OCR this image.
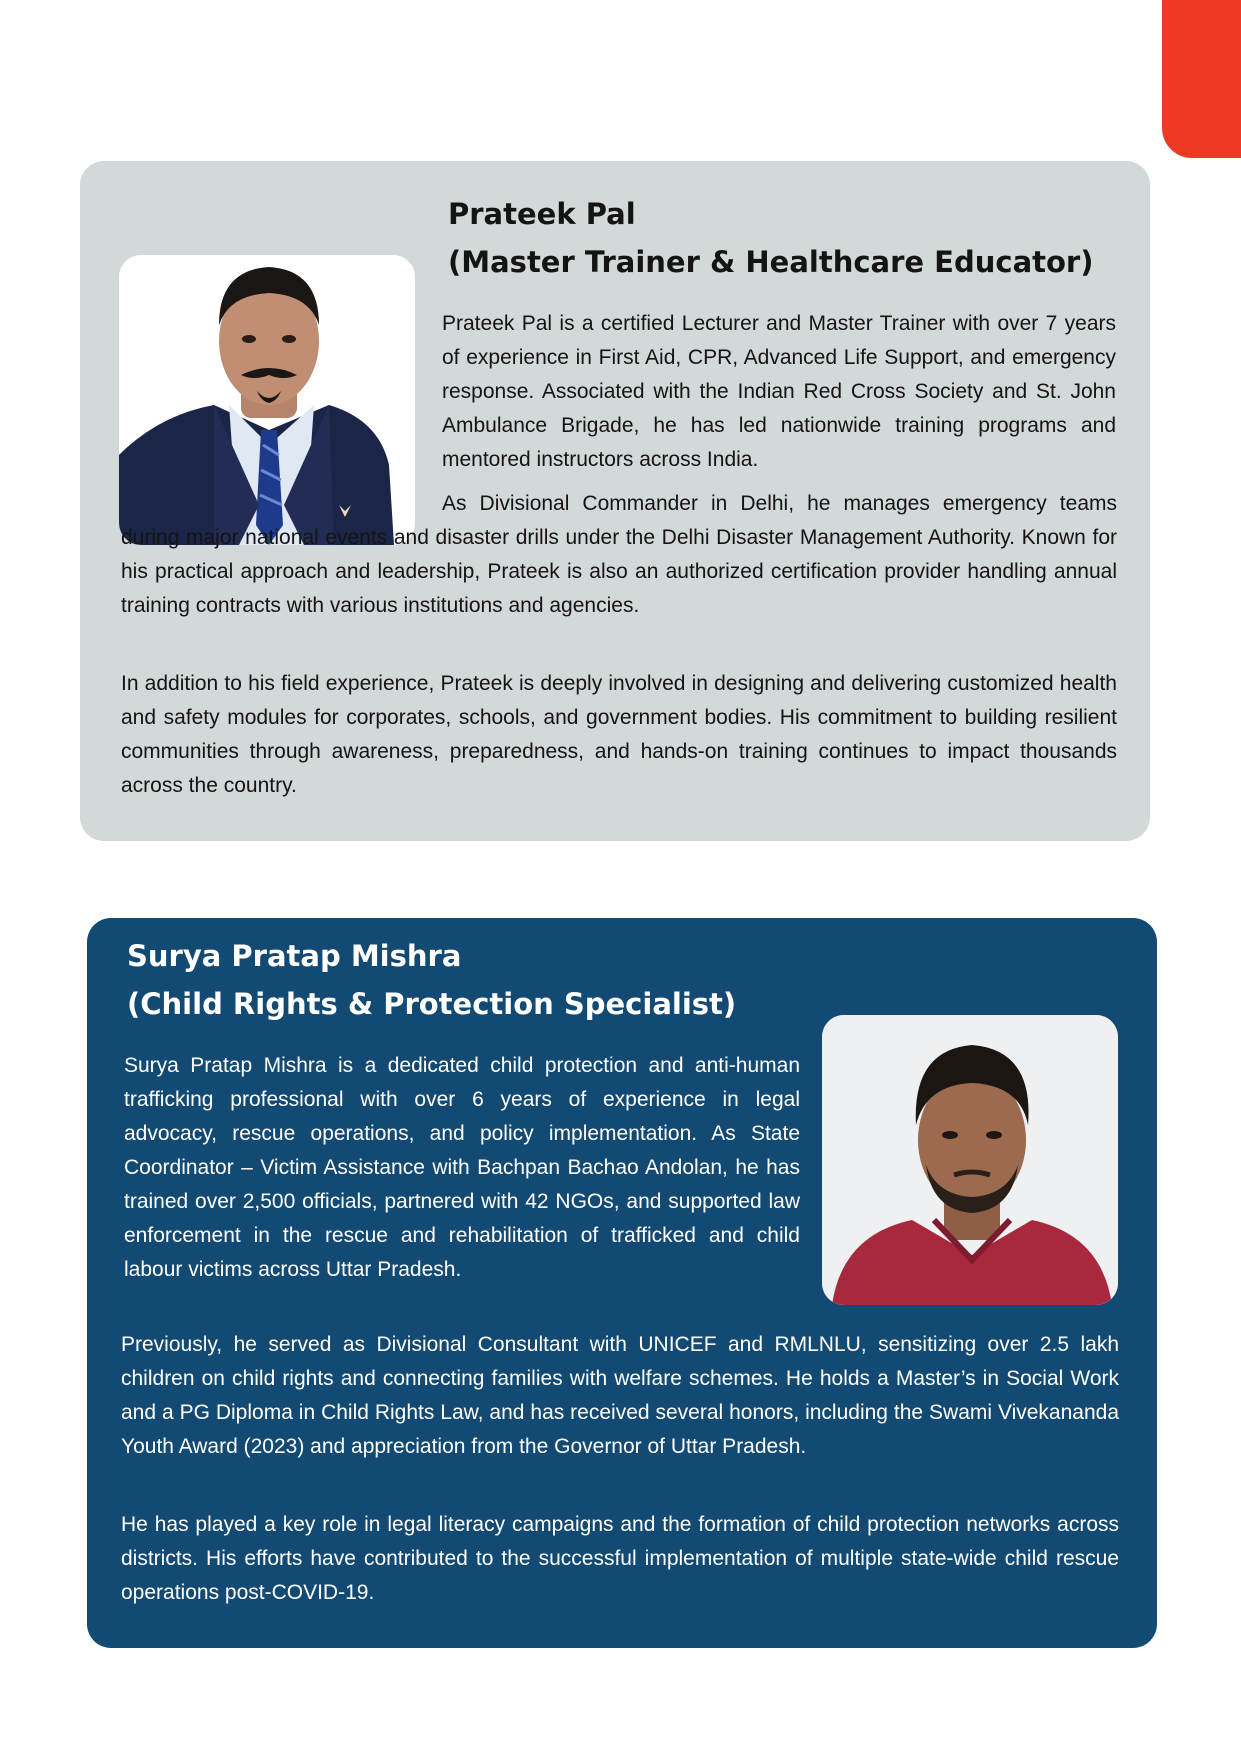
Prateek Pal
(Master Trainer & Healthcare Educator)

Prateek Pal is a certified Lecturer and Master Trainer with over 7 years of experience in First Aid, CPR, Advanced Life Support, and emergency response. Associated with the Indian Red Cross Society and St. John Ambulance Brigade, he has led nationwide training programs and mentored instructors across India.

As Divisional Commander in Delhi, he manages emergency teams during major national events and disaster drills under the Delhi Disaster Management Authority. Known for his practical approach and leadership, Prateek is also an authorized certification provider handling annual training contracts with various institutions and agencies.

In addition to his field experience, Prateek is deeply involved in designing and delivering customized health and safety modules for corporates, schools, and government bodies. His commitment to building resilient communities through awareness, preparedness, and hands-on training continues to impact thousands across the country.

Surya Pratap Mishra
(Child Rights & Protection Specialist)

Surya Pratap Mishra is a dedicated child protection and anti-human trafficking professional with over 6 years of experience in legal advocacy, rescue operations, and policy implementation. As State Coordinator – Victim Assistance with Bachpan Bachao Andolan, he has trained over 2,500 officials, partnered with 42 NGOs, and supported law enforcement in the rescue and rehabilitation of trafficked and child labour victims across Uttar Pradesh.

Previously, he served as Divisional Consultant with UNICEF and RMLNLU, sensitizing over 2.5 lakh children on child rights and connecting families with welfare schemes. He holds a Master’s in Social Work and a PG Diploma in Child Rights Law, and has received several honors, including the Swami Vivekananda Youth Award (2023) and appreciation from the Governor of Uttar Pradesh.

He has played a key role in legal literacy campaigns and the formation of child protection networks across districts. His efforts have contributed to the successful implementation of multiple state-wide child rescue operations post-COVID-19.
